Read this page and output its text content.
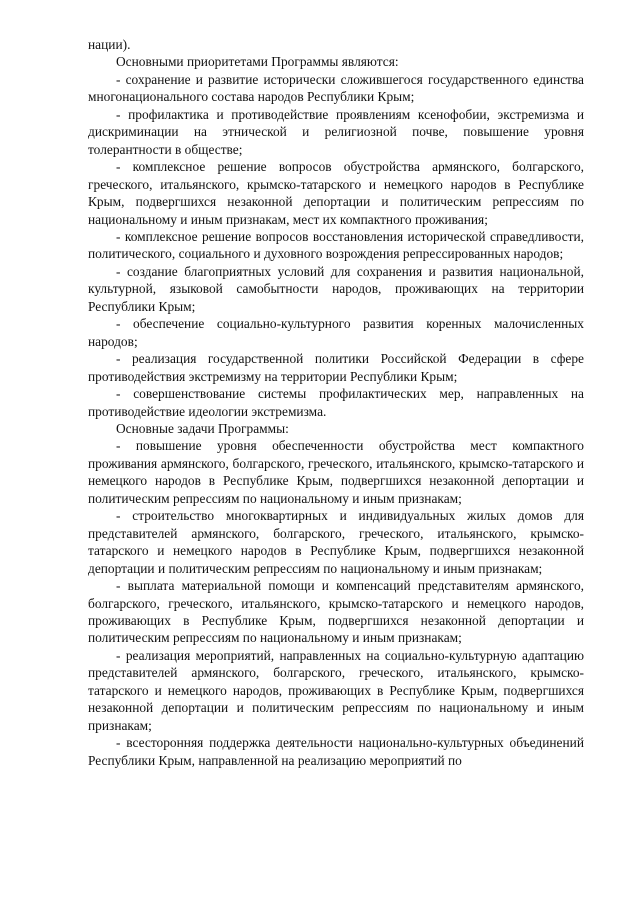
нации).

Основными приоритетами Программы являются:

- сохранение и развитие исторически сложившегося государственного единства многонационального состава народов Республики Крым;

- профилактика и противодействие проявлениям ксенофобии, экстремизма и дискриминации на этнической и религиозной почве, повышение уровня толерантности в обществе;

- комплексное решение вопросов обустройства армянского, болгарского, греческого, итальянского, крымско-татарского и немецкого народов в Республике Крым, подвергшихся незаконной депортации и политическим репрессиям по национальному и иным признакам, мест их компактного проживания;

- комплексное решение вопросов восстановления исторической справедливости, политического, социального и духовного возрождения репрессированных народов;

- создание благоприятных условий для сохранения и развития национальной, культурной, языковой самобытности народов, проживающих на территории Республики Крым;

- обеспечение социально-культурного развития коренных малочисленных народов;

- реализация государственной политики Российской Федерации в сфере противодействия экстремизму на территории Республики Крым;

- совершенствование системы профилактических мер, направленных на противодействие идеологии экстремизма.

Основные задачи Программы:

- повышение уровня обеспеченности обустройства мест компактного проживания армянского, болгарского, греческого, итальянского, крымско-татарского и немецкого народов в Республике Крым, подвергшихся незаконной депортации и политическим репрессиям по национальному и иным признакам;

- строительство многоквартирных и индивидуальных жилых домов для представителей армянского, болгарского, греческого, итальянского, крымско-татарского и немецкого народов в Республике Крым, подвергшихся незаконной депортации и политическим репрессиям по национальному и иным признакам;

- выплата материальной помощи и компенсаций представителям армянского, болгарского, греческого, итальянского, крымско-татарского и немецкого народов, проживающих в Республике Крым, подвергшихся незаконной депортации и политическим репрессиям по национальному и иным признакам;

- реализация мероприятий, направленных на социально-культурную адаптацию представителей армянского, болгарского, греческого, итальянского, крымско-татарского и немецкого народов, проживающих в Республике Крым, подвергшихся незаконной депортации и политическим репрессиям по национальному и иным признакам;

- всесторонняя поддержка деятельности национально-культурных объединений Республики Крым, направленной на реализацию мероприятий по
